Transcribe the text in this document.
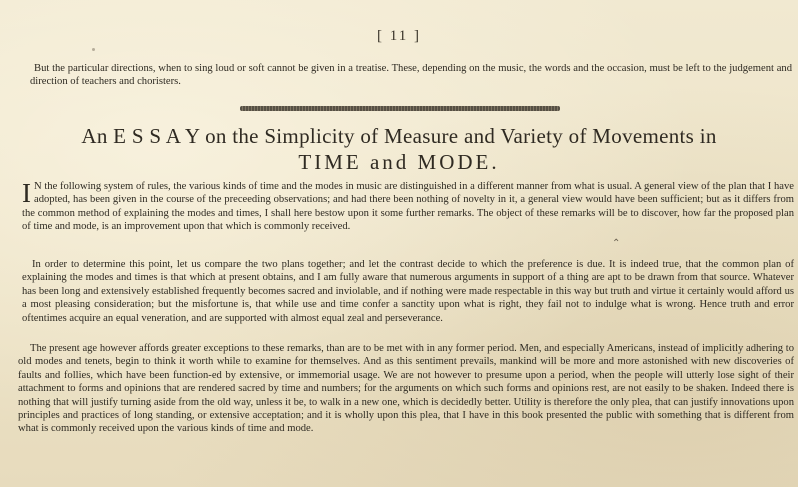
[ 11 ]

But the particular directions, when to sing loud or soft cannot be given in a treatise. These, depending on the music, the words and the occasion, must be left to the judgement and direction of teachers and choristers.

An E S S A Y on the Simplicity of Measure and Variety of Movements in
TIME and MODE.

I N the following system of rules, the various kinds of time and the modes in music are distinguished in a different manner from what is usual. A general view of the plan that I have adopted, has been given in the course of the preceeding observations; and had there been nothing of novelty in it, a general view would have been sufficient; but as it differs from the common method of explaining the modes and times, I shall here bestow upon it some further remarks. The object of these remarks will be to discover, how far the proposed plan of time and mode, is an improvement upon that which is commonly received.

⌃

In order to determine this point, let us compare the two plans together; and let the contrast decide to which the preference is due. It is indeed true, that the common plan of explaining the modes and times is that which at present obtains, and I am fully aware that numerous arguments in support of a thing are apt to be drawn from that source. Whatever has been long and extensively established frequently becomes sacred and inviolable, and if nothing were made respectable in this way but truth and virtue it certainly would afford us a most pleasing consideration; but the misfortune is, that while use and time confer a sanctity upon what is right, they fail not to indulge what is wrong. Hence truth and error oftentimes acquire an equal veneration, and are supported with almost equal zeal and perseverance.

The present age however affords greater exceptions to these remarks, than are to be met with in any former period. Men, and especially Americans, instead of implicitly adhering to old modes and tenets, begin to think it worth while to examine for themselves. And as this sentiment prevails, mankind will be more and more astonished with new discoveries of faults and follies, which have been function-ed by extensive, or immemorial usage. We are not however to presume upon a period, when the people will utterly lose sight of their attachment to forms and opinions that are rendered sacred by time and numbers; for the arguments on which such forms and opinions rest, are not easily to be shaken. Indeed there is nothing that will justify turning aside from the old way, unless it be, to walk in a new one, which is decidedly better. Utility is therefore the only plea, that can justify innovations upon principles and practices of long standing, or extensive acceptation; and it is wholly upon this plea, that I have in this book presented the public with something that is different from what is commonly received upon the various kinds of time and mode.
